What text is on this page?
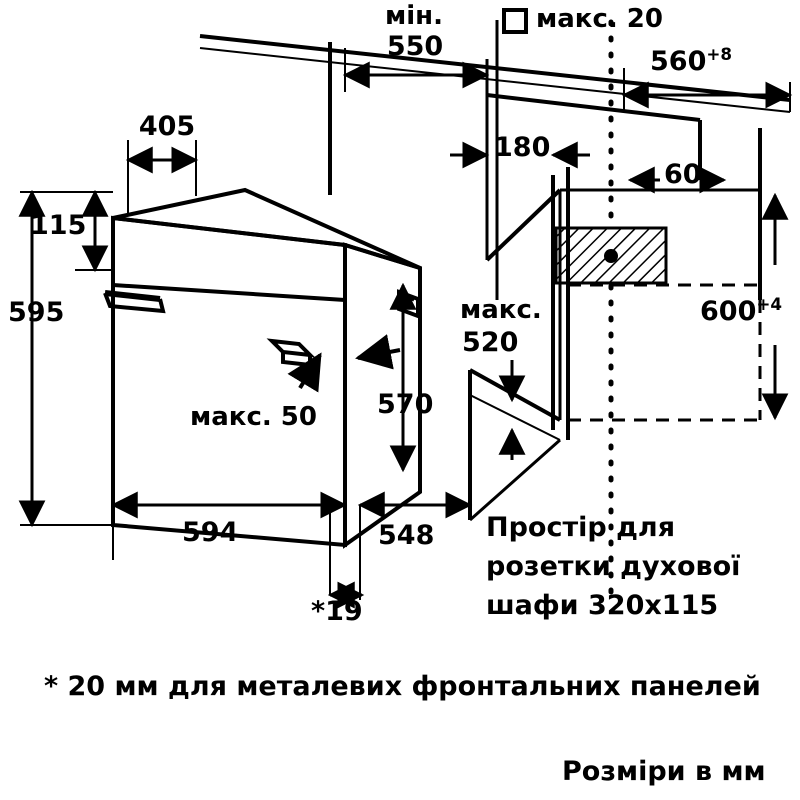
мін.
550
макс. 20
$560^{+8}$
405
180
60
115
595
570
макс.
520
$600^{+4}$
макс. 50
594	548
*19
Простір для
розетки духової
шафи 320x115
* 20 мм для металевих фронтальних панелей
Розміри в мм
